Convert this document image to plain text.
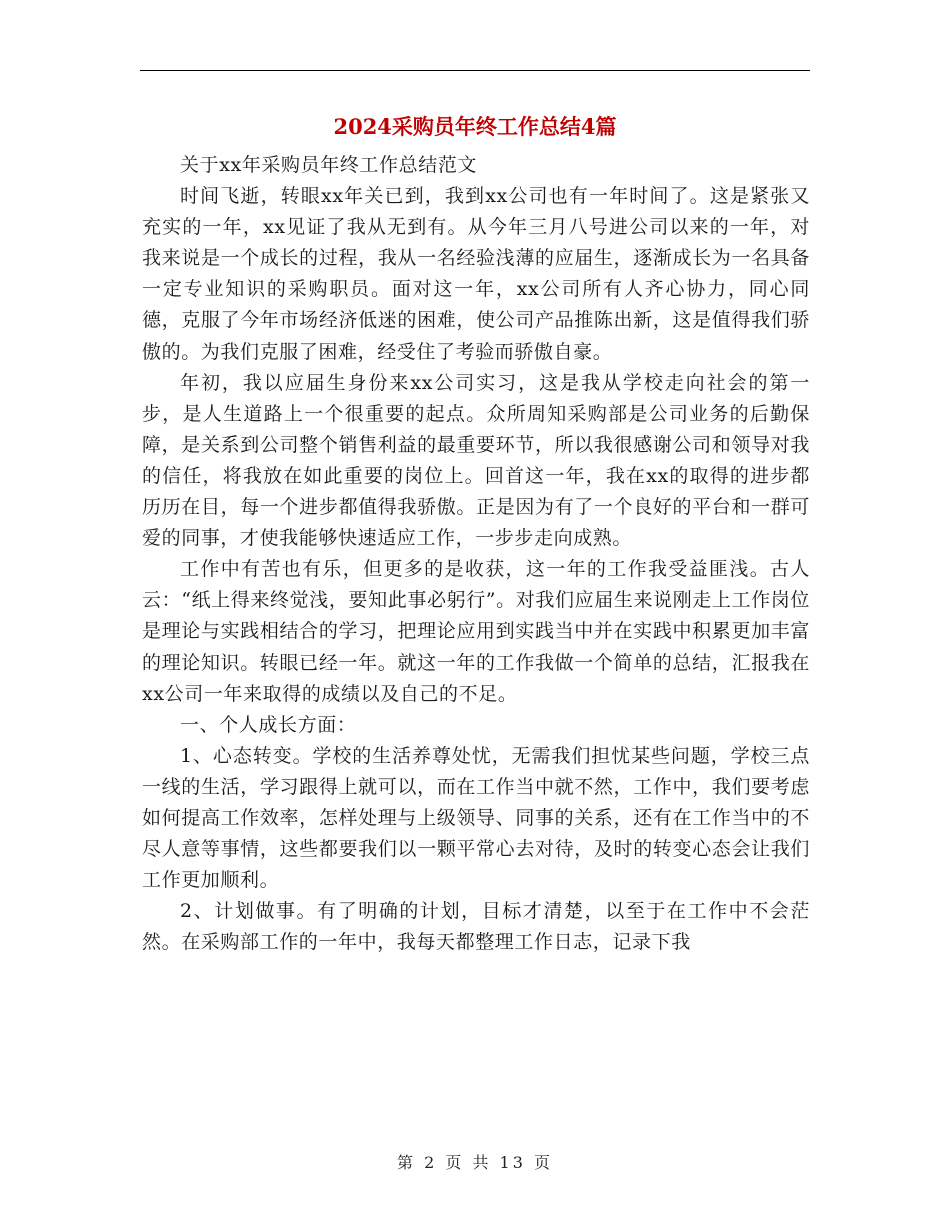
2024采购员年终工作总结4篇

关于xx年采购员年终工作总结范文

时间飞逝，转眼xx年关已到，我到xx公司也有一年时间了。这是紧张又充实的一年，xx见证了我从无到有。从今年三月八号进公司以来的一年，对我来说是一个成长的过程，我从一名经验浅薄的应届生，逐渐成长为一名具备一定专业知识的采购职员。面对这一年，xx公司所有人齐心协力，同心同德，克服了今年市场经济低迷的困难，使公司产品推陈出新，这是值得我们骄傲的。为我们克服了困难，经受住了考验而骄傲自豪。

年初，我以应届生身份来xx公司实习，这是我从学校走向社会的第一步，是人生道路上一个很重要的起点。众所周知采购部是公司业务的后勤保障，是关系到公司整个销售利益的最重要环节，所以我很感谢公司和领导对我的信任，将我放在如此重要的岗位上。回首这一年，我在xx的取得的进步都历历在目，每一个进步都值得我骄傲。正是因为有了一个良好的平台和一群可爱的同事，才使我能够快速适应工作，一步步走向成熟。

工作中有苦也有乐，但更多的是收获，这一年的工作我受益匪浅。古人云：“纸上得来终觉浅，要知此事必躬行”。对我们应届生来说刚走上工作岗位是理论与实践相结合的学习，把理论应用到实践当中并在实践中积累更加丰富的理论知识。转眼已经一年。就这一年的工作我做一个简单的总结，汇报我在xx公司一年来取得的成绩以及自己的不足。

一、个人成长方面：

1、心态转变。学校的生活养尊处忧，无需我们担忧某些问题，学校三点一线的生活，学习跟得上就可以，而在工作当中就不然，工作中，我们要考虑如何提高工作效率，怎样处理与上级领导、同事的关系，还有在工作当中的不尽人意等事情，这些都要我们以一颗平常心去对待，及时的转变心态会让我们工作更加顺利。

2、计划做事。有了明确的计划，目标才清楚，以至于在工作中不会茫然。在采购部工作的一年中，我每天都整理工作日志，记录下我

第 2 页 共 13 页
